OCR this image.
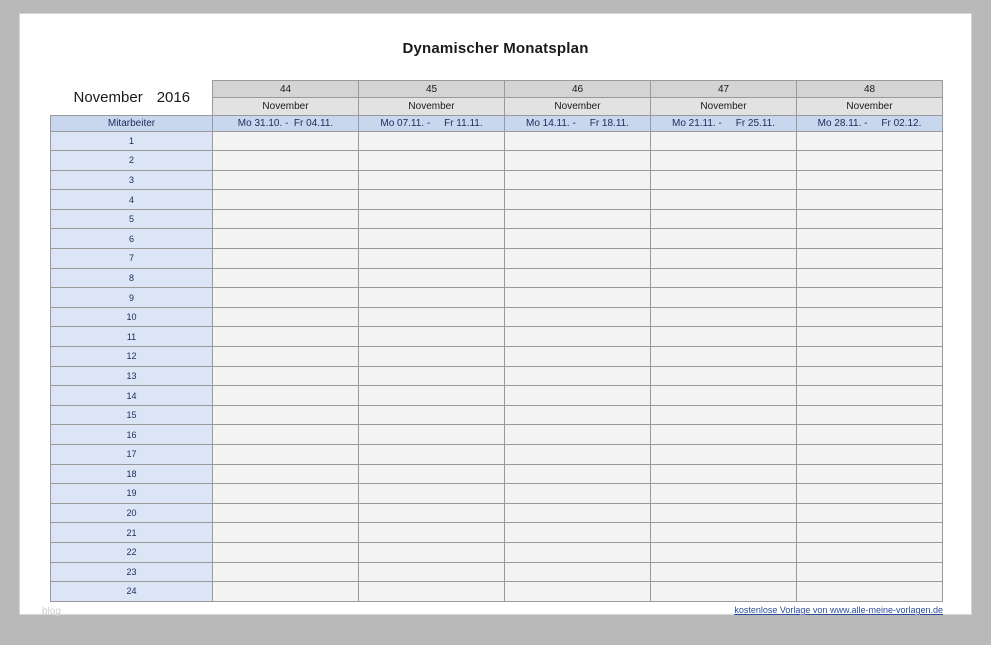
Dynamischer Monatsplan
November 2016	44	45	46	47	48
	November	November	November	November	November
Mitarbeiter	Mo 31.10. -  Fr 04.11.	Mo 07.11. -     Fr 11.11.	Mo 14.11. -     Fr 18.11.	Mo 21.11. -     Fr 25.11.	Mo 28.11. -     Fr 02.12.
1					
2					
3					
4					
5					
6					
7					
8					
9					
10					
11					
12					
13					
14					
15					
16					
17					
18					
19					
20					
21					
22					
23					
24					
blog	kostenlose Vorlage von www.alle-meine-vorlagen.de
